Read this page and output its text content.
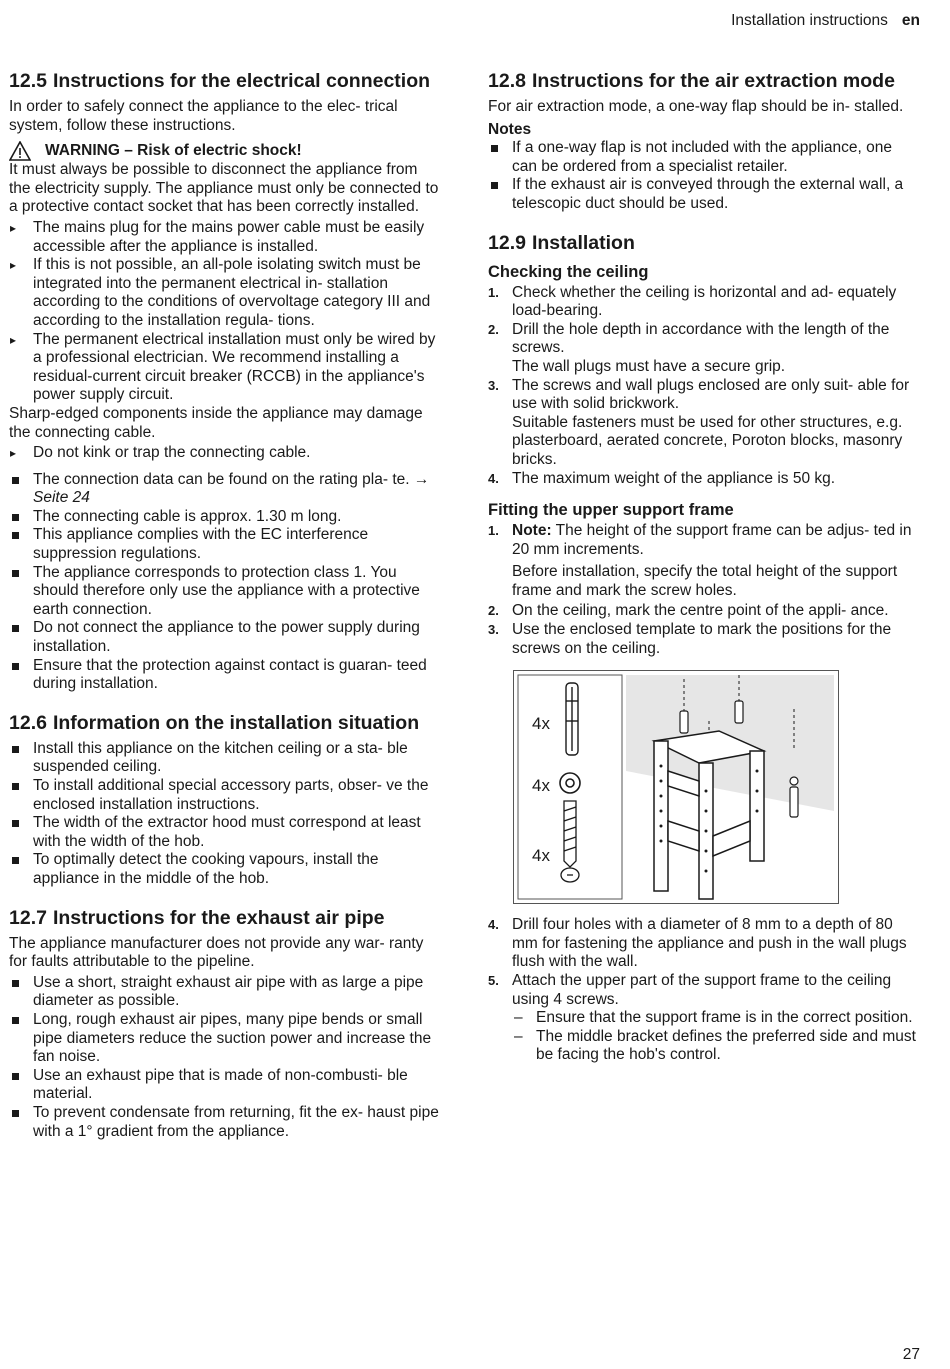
Installation instructions en
12.5 Instructions for the electrical connection

In order to safely connect the appliance to the elec- trical system, follow these instructions.

WARNING – Risk of electric shock!

It must always be possible to disconnect the appliance from the electricity supply. The appliance must only be connected to a protective contact socket that has been correctly installed.

▸ The mains plug for the mains power cable must be easily accessible after the appliance is installed.
▸ If this is not possible, an all-pole isolating switch must be integrated into the permanent electrical in- stallation according to the conditions of overvoltage category III and according to the installation regula- tions.
▸ The permanent electrical installation must only be wired by a professional electrician. We recommend installing a residual-current circuit breaker (RCCB) in the appliance's power supply circuit.

Sharp-edged components inside the appliance may damage the connecting cable.

▸ Do not kink or trap the connecting cable.
The connection data can be found on the rating pla- te. → Seite 24
The connecting cable is approx. 1.30 m long.
This appliance complies with the EC interference suppression regulations.
The appliance corresponds to protection class 1. You should therefore only use the appliance with a protective earth connection.
Do not connect the appliance to the power supply during installation.
Ensure that the protection against contact is guaran- teed during installation.
12.6 Information on the installation situation
Install this appliance on the kitchen ceiling or a sta- ble suspended ceiling.
To install additional special accessory parts, obser- ve the enclosed installation instructions.
The width of the extractor hood must correspond at least with the width of the hob.
To optimally detect the cooking vapours, install the appliance in the middle of the hob.
12.7 Instructions for the exhaust air pipe

The appliance manufacturer does not provide any war- ranty for faults attributable to the pipeline.

Use a short, straight exhaust air pipe with as large a pipe diameter as possible.
Long, rough exhaust air pipes, many pipe bends or small pipe diameters reduce the suction power and increase the fan noise.
Use an exhaust pipe that is made of non-combusti- ble material.
To prevent condensate from returning, fit the ex- haust pipe with a 1° gradient from the appliance.
12.8 Instructions for the air extraction mode

For air extraction mode, a one-way flap should be in- stalled.

Notes

If a one-way flap is not included with the appliance, one can be ordered from a specialist retailer.
If the exhaust air is conveyed through the external wall, a telescopic duct should be used.
12.9 Installation
Checking the ceiling
1. Check whether the ceiling is horizontal and ad- equately load-bearing.
2. Drill the hole depth in accordance with the length of the screws.
The wall plugs must have a secure grip.
3. The screws and wall plugs enclosed are only suit- able for use with solid brickwork.
Suitable fasteners must be used for other structures, e.g. plasterboard, aerated concrete, Poroton blocks, masonry bricks.
4. The maximum weight of the appliance is 50 kg.
Fitting the upper support frame
1. Note: The height of the support frame can be adjus- ted in 20 mm increments.

Before installation, specify the total height of the support frame and mark the screw holes.

2. On the ceiling, mark the centre point of the appli- ance.
3. Use the enclosed template to mark the positions for the screws on the ceiling.
4x
4x
4x
4. Drill four holes with a diameter of 8 mm to a depth of 80 mm for fastening the appliance and push in the wall plugs flush with the wall.
5. Attach the upper part of the support frame to the ceiling using 4 screws.
– Ensure that the support frame is in the correct position.
– The middle bracket defines the preferred side and must be facing the hob's control.
27
